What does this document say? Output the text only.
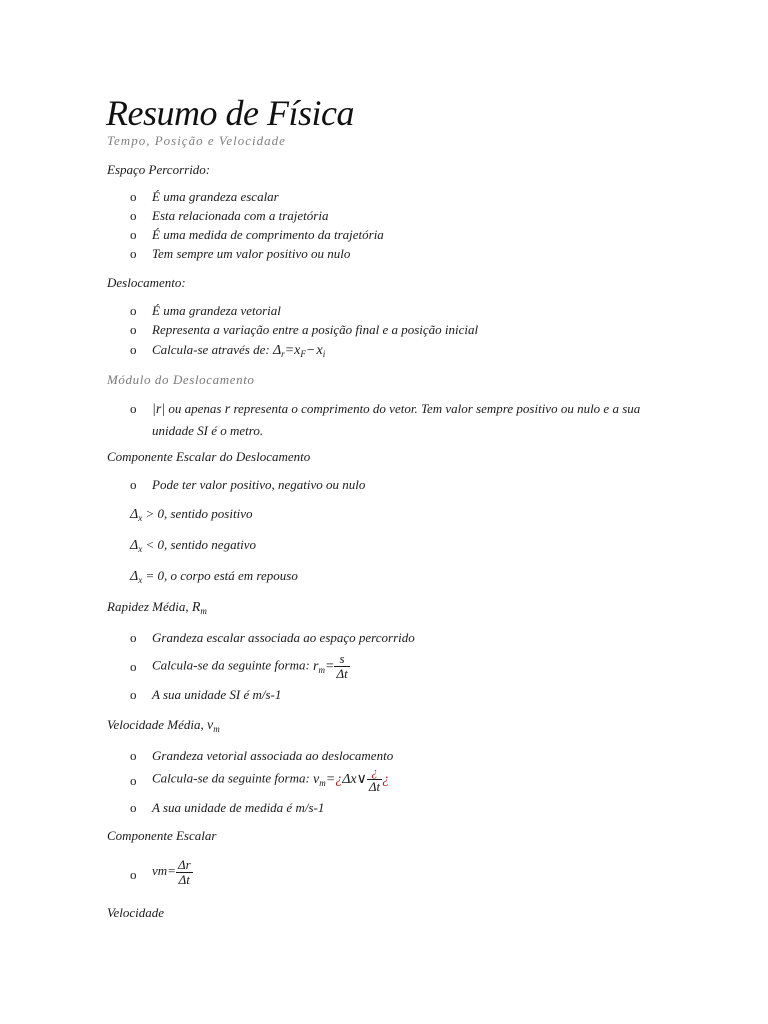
Resumo de Física
Tempo, Posição e Velocidade
Espaço Percorrido:
o É uma grandeza escalar
o Esta relacionada com a trajetória
o É uma medida de comprimento da trajetória
o Tem sempre um valor positivo ou nulo
Deslocamento:
o É uma grandeza vetorial
o Representa a variação entre a posição final e a posição inicial
o Calcula-se através de: $\Delta_r=x_F-$ $x_i$
Módulo do Deslocamento
o |r| ou apenas r representa o comprimento do vetor. Tem valor sempre positivo ou nulo e a sua unidade SI é o metro.
Componente Escalar do Deslocamento
o Pode ter valor positivo, negativo ou nulo
$\Delta_x > 0$, sentido positivo
$\Delta_x < 0$, sentido negativo
$\Delta_x = 0$, o corpo está em repouso
Rapidez Média, $R_m$
o Grandeza escalar associada ao espaço percorrido
o Calcula-se da seguinte forma: $r_m= \frac{s}{\Delta t}$
o A sua unidade SI é m/s-1
Velocidade Média, $v_m$
o Grandeza vetorial associada ao deslocamento
o Calcula-se da seguinte forma: $v_m=¿\Delta x\vee \frac{¿}{\Delta t}$ ¿
o A sua unidade de medida é m/s-1
Componente Escalar
o $vm= \frac{\Delta r}{\Delta t}$
Velocidade
